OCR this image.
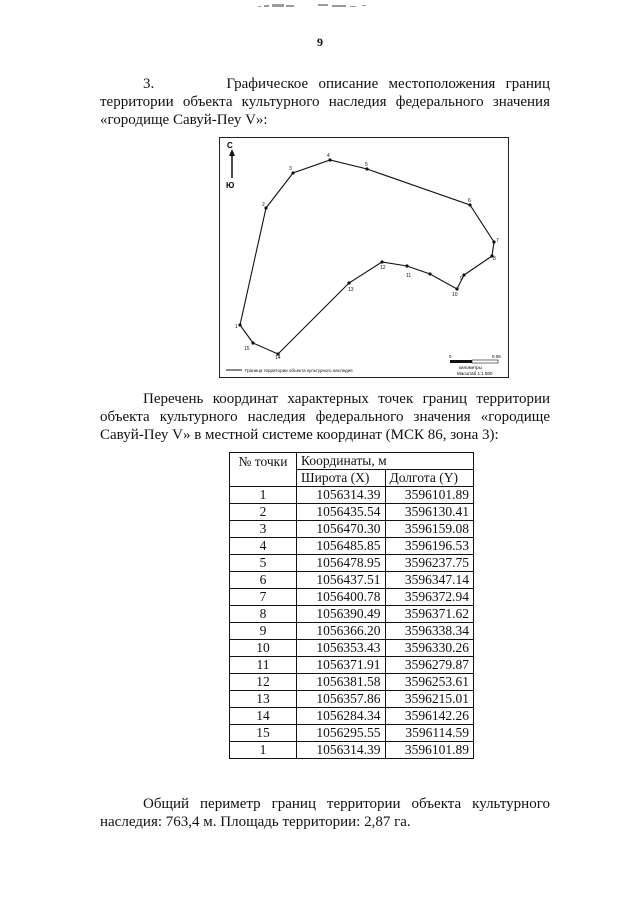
9
3.       Графическое описание местоположения границ территории объекта культурного наследия федерального значения «городище Савуй-Пеу V»:
С
Ю
2
3
4
5
6
7
8
9
10
11
12
13
14
15
1
Граница территории объекта культурного наследия
0	0.06
километры
Масштаб 1:1 500
Перечень координат характерных точек границ территории объекта культурного наследия федерального значения «городище Савуй-Пеу V» в местной системе координат (МСК 86, зона 3):
№ точки	Координаты, м	
	Широта (X)	Долгота (Y)
1	1056314.39	3596101.89
2	1056435.54	3596130.41
3	1056470.30	3596159.08
4	1056485.85	3596196.53
5	1056478.95	3596237.75
6	1056437.51	3596347.14
7	1056400.78	3596372.94
8	1056390.49	3596371.62
9	1056366.20	3596338.34
10	1056353.43	3596330.26
11	1056371.91	3596279.87
12	1056381.58	3596253.61
13	1056357.86	3596215.01
14	1056284.34	3596142.26
15	1056295.55	3596114.59
1	1056314.39	3596101.89
Общий периметр границ территории объекта культурного наследия: 763,4 м. Площадь территории: 2,87 га.
